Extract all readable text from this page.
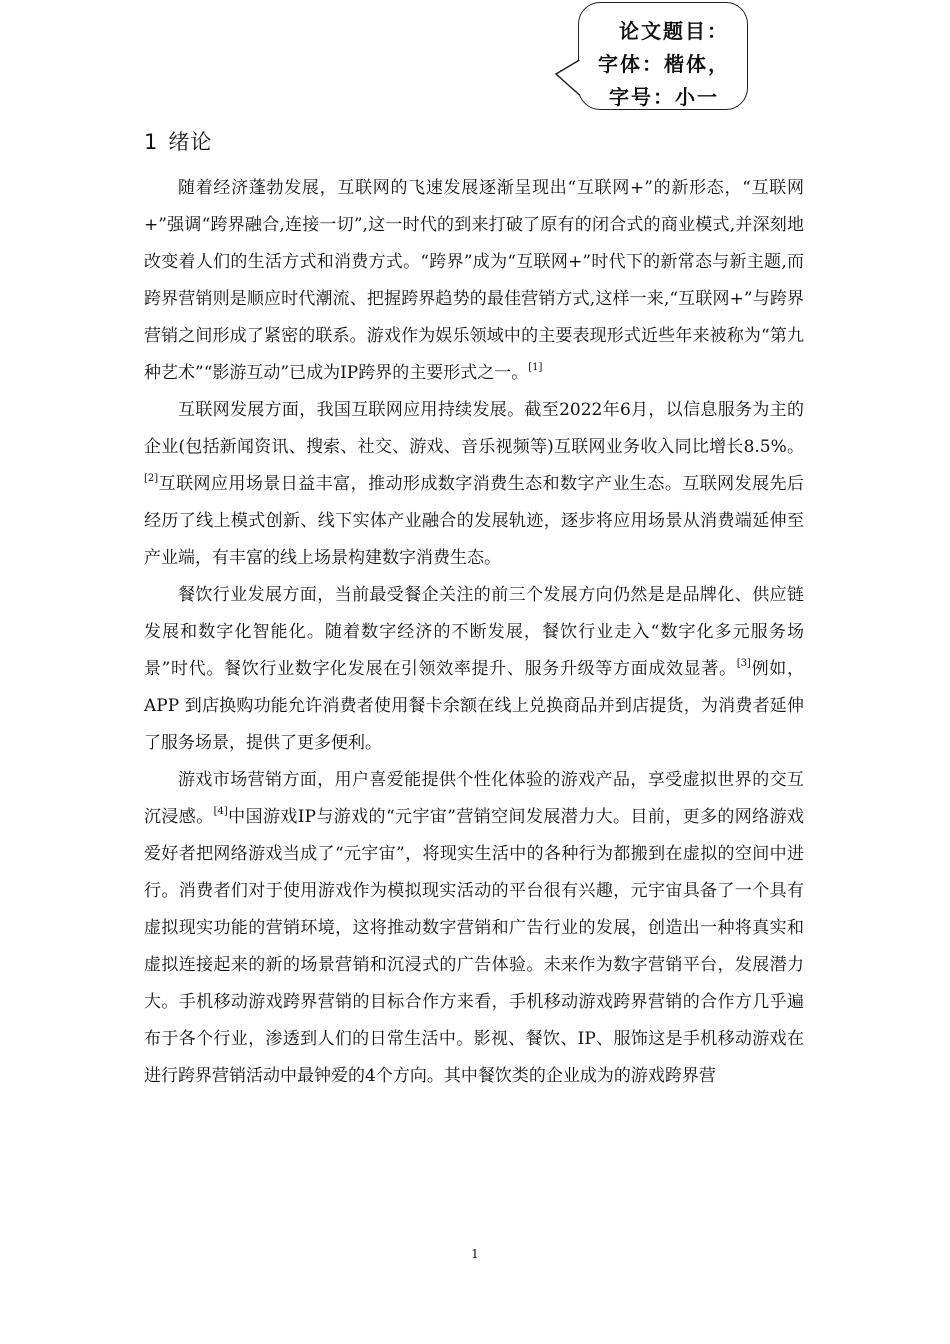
论文题目：
字体：楷体，
字号：小一
1 绪论

随着经济蓬勃发展，互联网的飞速发展逐渐呈现出“互联网+”的新形态，“互联网+”强调“跨界融合,连接一切”,这一时代的到来打破了原有的闭合式的商业模式,并深刻地改变着人们的生活方式和消费方式。“跨界”成为“互联网+”时代下的新常态与新主题,而跨界营销则是顺应时代潮流、把握跨界趋势的最佳营销方式,这样一来,“互联网+”与跨界营销之间形成了紧密的联系。游戏作为娱乐领域中的主要表现形式近些年来被称为“第九种艺术”“影游互动”已成为IP跨界的主要形式之一。[1]

互联网发展方面，我国互联网应用持续发展。截至2022年6月，以信息服务为主的企业(包括新闻资讯、搜索、社交、游戏、音乐视频等)互联网业务收入同比增长8.5%。[2]互联网应用场景日益丰富，推动形成数字消费生态和数字产业生态。互联网发展先后经历了线上模式创新、线下实体产业融合的发展轨迹，逐步将应用场景从消费端延伸至产业端，有丰富的线上场景构建数字消费生态。

餐饮行业发展方面，当前最受餐企关注的前三个发展方向仍然是是品牌化、供应链发展和数字化智能化。随着数字经济的不断发展，餐饮行业走入“数字化多元服务场景”时代。餐饮行业数字化发展在引领效率提升、服务升级等方面成效显著。[3]例如，APP 到店换购功能允许消费者使用餐卡余额在线上兑换商品并到店提货，为消费者延伸了服务场景，提供了更多便利。

游戏市场营销方面，用户喜爱能提供个性化体验的游戏产品，享受虚拟世界的交互沉浸感。[4]中国游戏IP与游戏的“元宇宙”营销空间发展潜力大。目前，更多的网络游戏爱好者把网络游戏当成了“元宇宙”，将现实生活中的各种行为都搬到在虚拟的空间中进行。消费者们对于使用游戏作为模拟现实活动的平台很有兴趣，元宇宙具备了一个具有虚拟现实功能的营销环境，这将推动数字营销和广告行业的发展，创造出一种将真实和虚拟连接起来的新的场景营销和沉浸式的广告体验。未来作为数字营销平台，发展潜力大。手机移动游戏跨界营销的目标合作方来看，手机移动游戏跨界营销的合作方几乎遍布于各个行业，渗透到人们的日常生活中。影视、餐饮、IP、服饰这是手机移动游戏在进行跨界营销活动中最钟爱的4个方向。其中餐饮类的企业成为的游戏跨界营

1
